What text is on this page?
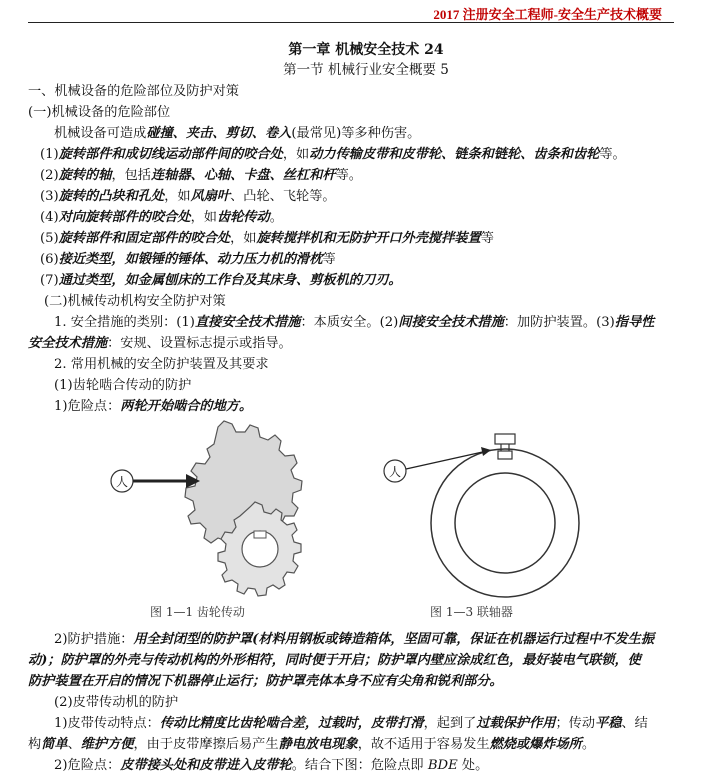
2017 注册安全工程师-安全生产技术概要
第一章 机械安全技术 24
第一节 机械行业安全概要 5
一、机械设备的危险部位及防护对策
(一)机械设备的危险部位
机械设备可造成碰撞、夹击、剪切、卷入(最常见)等多种伤害。
(1)旋转部件和成切线运动部件间的咬合处，如动力传输皮带和皮带轮、链条和链轮、齿条和齿轮等。
(2)旋转的轴，包括连轴器、心轴、卡盘、丝杠和杆等。
(3)旋转的凸块和孔处，如风扇叶、凸轮、飞轮等。
(4)对向旋转部件的咬合处，如齿轮传动。
(5)旋转部件和固定部件的咬合处，如旋转搅拌机和无防护开口外壳搅拌装置等
(6)接近类型，如锻锤的锤体、动力压力机的滑枕等
(7)通过类型，如金属刨床的工作台及其床身、剪板机的刀刃。
(二)机械传动机构安全防护对策
1. 安全措施的类别：(1)直接安全技术措施：本质安全。(2)间接安全技术措施：加防护装置。(3)指导性
安全技术措施：安规、设置标志提示或指导。
2. 常用机械的安全防护装置及其要求
(1)齿轮啮合传动的防护
1)危险点：两轮开始啮合的地方。
人
图 1—1 齿轮传动
人
图 1—3 联轴器
2)防护措施：用全封闭型的防护罩(材料用钢板或铸造箱体，坚固可靠，保证在机器运行过程中不发生振
动)；防护罩的外壳与传动机构的外形相符，同时便于开启；防护罩内壁应涂成红色，最好装电气联锁，使
防护装置在开启的情况下机器停止运行；防护罩壳体本身不应有尖角和锐利部分。
(2)皮带传动机的防护
1)皮带传动特点：传动比精度比齿轮啮合差，过载时，皮带打滑，起到了过载保护作用；传动平稳、结
构简单、维护方便，由于皮带摩擦后易产生静电放电现象，故不适用于容易发生燃烧或爆炸场所。
2)危险点：皮带接头处和皮带进入皮带轮。结合下图：危险点即 BDE 处。
